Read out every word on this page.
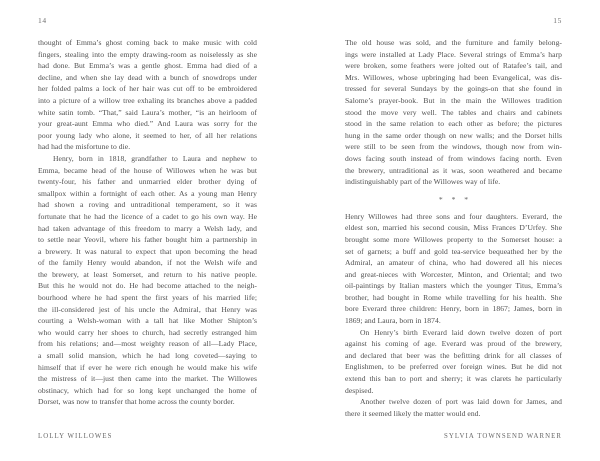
14
thought of Emma’s ghost coming back to make music with cold
fingers, stealing into the empty drawing-room as noiselessly as she
had done. But Emma’s was a gentle ghost. Emma had died of a
decline, and when she lay dead with a bunch of snowdrops under
her folded palms a lock of her hair was cut off to be embroidered
into a picture of a willow tree exhaling its branches above a padded
white satin tomb. “That,” said Laura’s mother, “is an heirloom of
your great-aunt Emma who died.” And Laura was sorry for the
poor young lady who alone, it seemed to her, of all her relations
had had the misfortune to die.
Henry, born in 1818, grandfather to Laura and nephew to
Emma, became head of the house of Willowes when he was but
twenty-four, his father and unmarried elder brother dying of
smallpox within a fortnight of each other. As a young man Henry
had shown a roving and untraditional temperament, so it was
fortunate that he had the licence of a cadet to go his own way. He
had taken advantage of this freedom to marry a Welsh lady, and
to settle near Yeovil, where his father bought him a partnership in
a brewery. It was natural to expect that upon becoming the head
of the family Henry would abandon, if not the Welsh wife and
the brewery, at least Somerset, and return to his native people.
But this he would not do. He had become attached to the neigh-
bourhood where he had spent the first years of his married life;
the ill-considered jest of his uncle the Admiral, that Henry was
courting a Welsh-woman with a tall hat like Mother Shipton’s
who would carry her shoes to church, had secretly estranged him
from his relations; and—most weighty reason of all—Lady Place,
a small solid mansion, which he had long coveted—saying to
himself that if ever he were rich enough he would make his wife
the mistress of it—just then came into the market. The Willowes
obstinacy, which had for so long kept unchanged the home of
Dorset, was now to transfer that home across the county border.
LOLLY WILLOWES
15
The old house was sold, and the furniture and family belong-
ings were installed at Lady Place. Several strings of Emma’s harp
were broken, some feathers were jolted out of Ratafee’s tail, and
Mrs. Willowes, whose upbringing had been Evangelical, was dis-
tressed for several Sundays by the goings-on that she found in
Salome’s prayer-book. But in the main the Willowes tradition
stood the move very well. The tables and chairs and cabinets
stood in the same relation to each other as before; the pictures
hung in the same order though on new walls; and the Dorset hills
were still to be seen from the windows, though now from win-
dows facing south instead of from windows facing north. Even
the brewery, untraditional as it was, soon weathered and became
indistinguishably part of the Willowes way of life.
* * *
Henry Willowes had three sons and four daughters. Everard, the
eldest son, married his second cousin, Miss Frances D’Urfey. She
brought some more Willowes property to the Somerset house: a
set of garnets; a buff and gold tea-service bequeathed her by the
Admiral, an amateur of china, who had dowered all his nieces
and great-nieces with Worcester, Minton, and Oriental; and two
oil-paintings by Italian masters which the younger Titus, Emma’s
brother, had bought in Rome while travelling for his health. She
bore Everard three children: Henry, born in 1867; James, born in
1869; and Laura, born in 1874.
On Henry’s birth Everard laid down twelve dozen of port
against his coming of age. Everard was proud of the brewery,
and declared that beer was the befitting drink for all classes of
Englishmen, to be preferred over foreign wines. But he did not
extend this ban to port and sherry; it was clarets he particularly
despised.
Another twelve dozen of port was laid down for James, and
there it seemed likely the matter would end.
SYLVIA TOWNSEND WARNER
